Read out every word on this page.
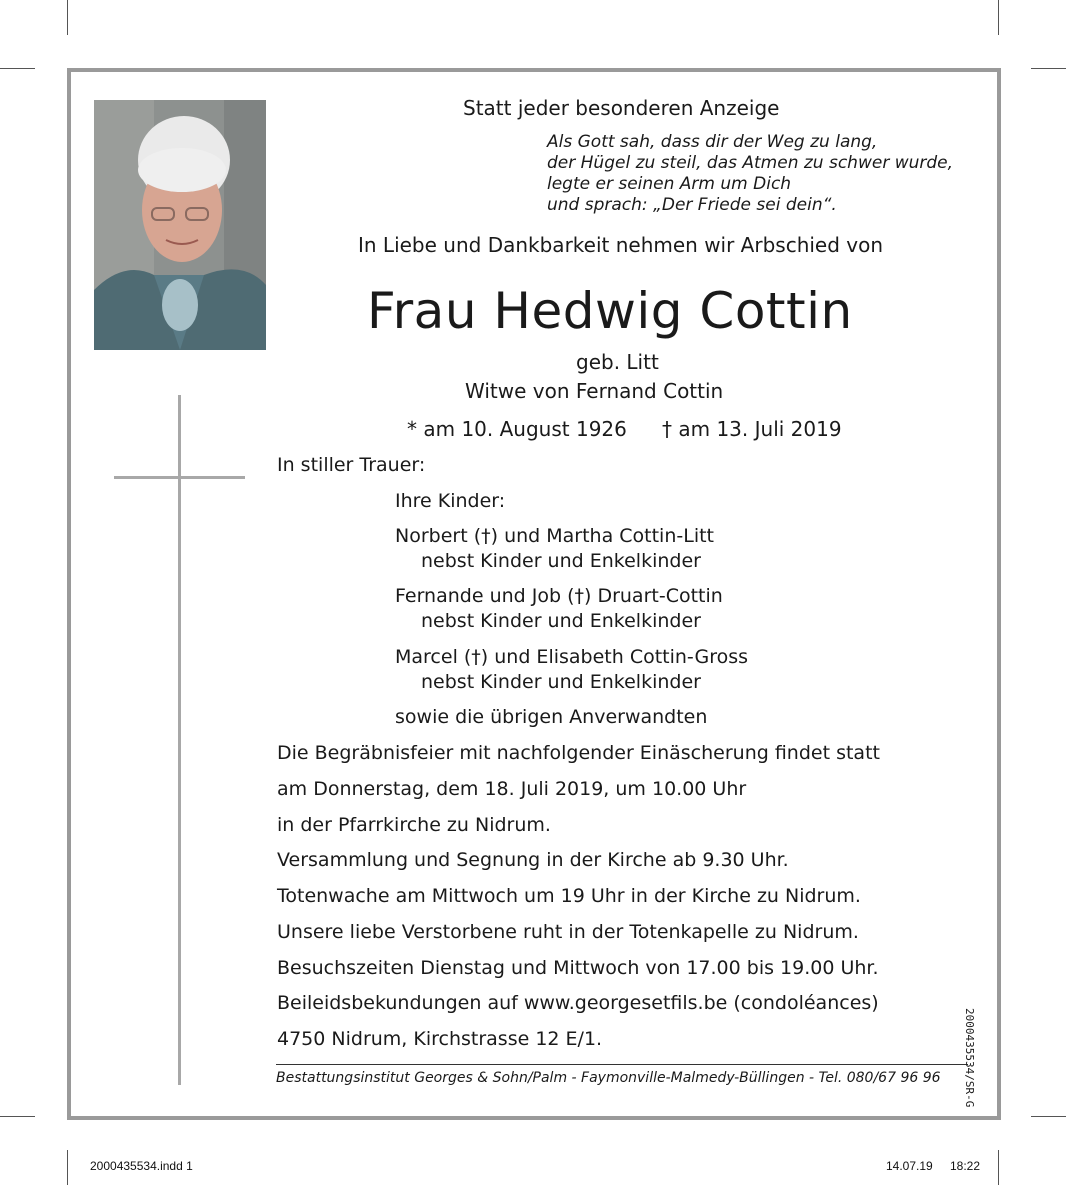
Statt jeder besonderen Anzeige
Als Gott sah, dass dir der Weg zu lang,
der Hügel zu steil, das Atmen zu schwer wurde,
legte er seinen Arm um Dich
und sprach: „Der Friede sei dein“.
In Liebe und Dankbarkeit nehmen wir Arbschied von
Frau Hedwig Cottin
geb. Litt
Witwe von Fernand Cottin
* am 10. August 1926 † am 13. Juli 2019
In stiller Trauer:
Ihre Kinder:
Norbert (†) und Martha Cottin-Litt
nebst Kinder und Enkelkinder
Fernande und Job (†) Druart-Cottin
nebst Kinder und Enkelkinder
Marcel (†) und Elisabeth Cottin-Gross
nebst Kinder und Enkelkinder
sowie die übrigen Anverwandten
Die Begräbnisfeier mit nachfolgender Einäscherung findet statt
am Donnerstag, dem 18. Juli 2019, um 10.00 Uhr
in der Pfarrkirche zu Nidrum.
Versammlung und Segnung in der Kirche ab 9.30 Uhr.
Totenwache am Mittwoch um 19 Uhr in der Kirche zu Nidrum.
Unsere liebe Verstorbene ruht in der Totenkapelle zu Nidrum.
Besuchszeiten Dienstag und Mittwoch von 17.00 bis 19.00 Uhr.
Beileidsbekundungen auf www.georgesetfils.be (condoléances)
4750 Nidrum, Kirchstrasse 12 E/1.
Bestattungsinstitut Georges & Sohn/Palm - Faymonville-Malmedy-Büllingen - Tel. 080/67 96 96 2000435534/SR-G
2000435534.indd 1	14.07.19 18:22
